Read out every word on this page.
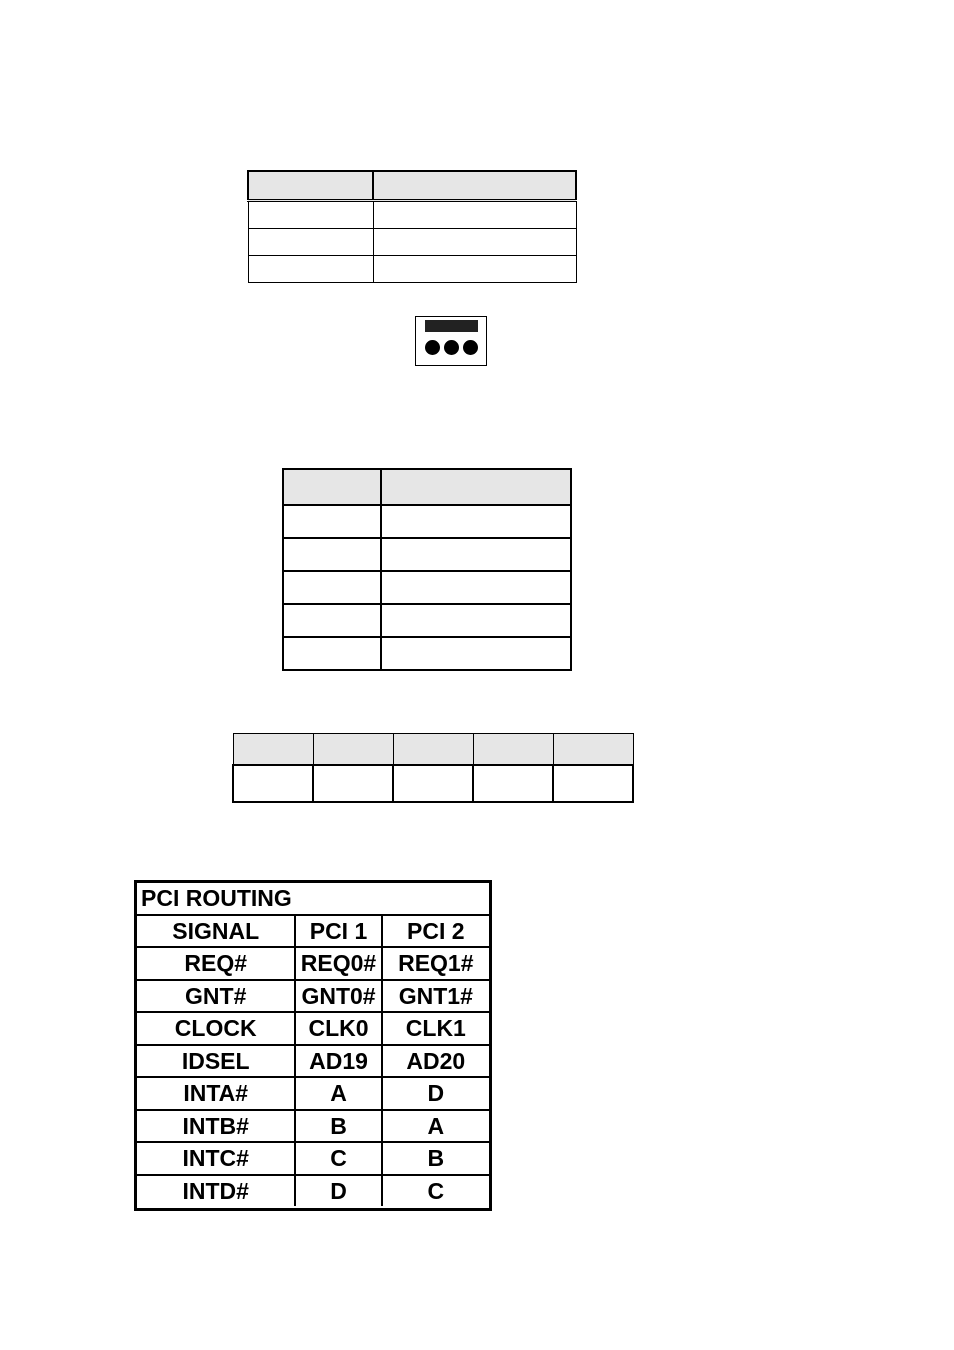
PCI ROUTING		
SIGNAL	PCI 1	PCI 2
REQ#	REQ0#	REQ1#
GNT#	GNT0#	GNT1#
CLOCK	CLK0	CLK1
IDSEL	AD19	AD20
INTA#	A	D
INTB#	B	A
INTC#	C	B
INTD#	D	C
